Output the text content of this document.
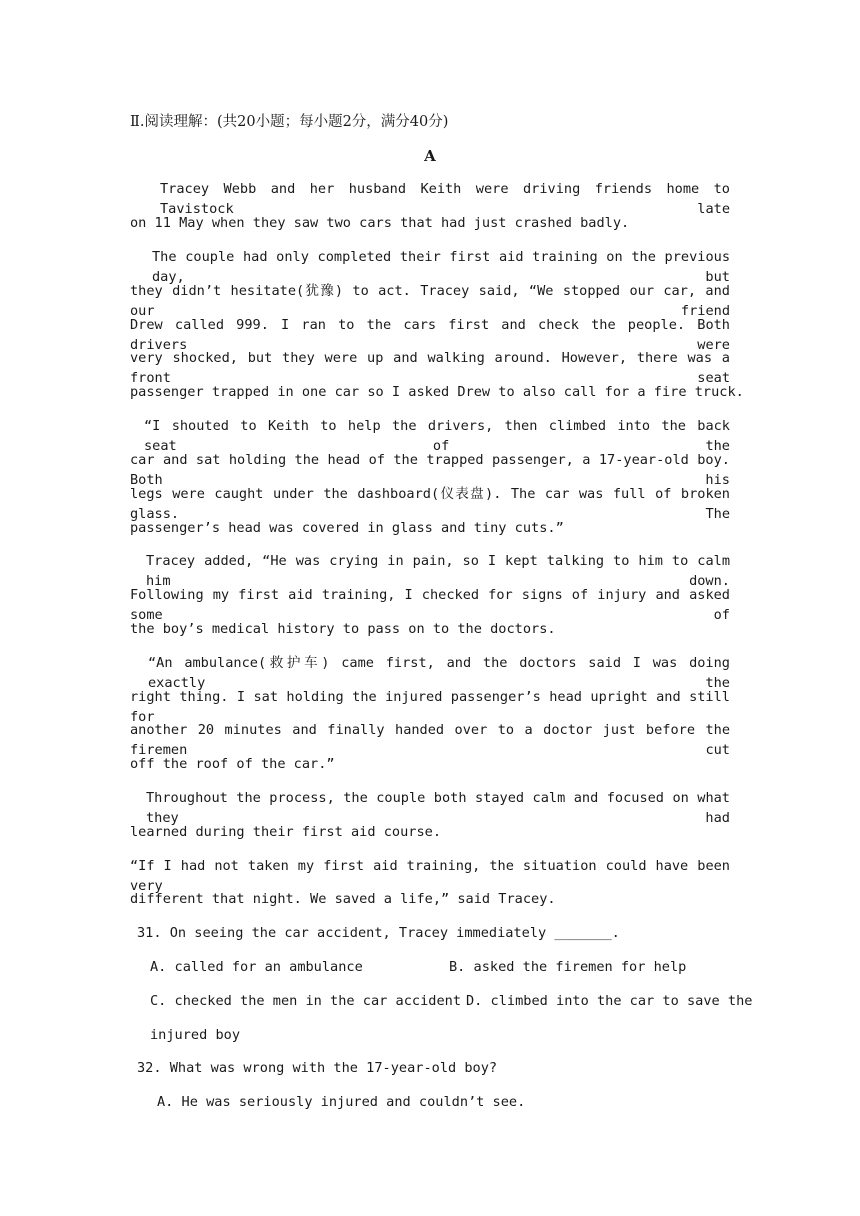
Ⅱ.阅读理解：(共20小题；每小题2分，满分40分)
A
Tracey Webb and her husband Keith were driving friends home to Tavistock late
on 11 May when they saw two cars that had just crashed badly.
The couple had only completed their first aid training on the previous day, but
they didn’t hesitate(犹豫) to act. Tracey said, “We stopped our car, and our friend
Drew called 999. I ran to the cars first and check the people. Both drivers were
very shocked, but they were up and walking around. However, there was a front seat
passenger trapped in one car so I asked Drew to also call for a fire truck.
“I shouted to Keith to help the drivers, then climbed into the back seat of the
car and sat holding the head of the trapped passenger, a 17-year-old boy. Both his
legs were caught under the dashboard(仪表盘). The car was full of broken glass. The
passenger’s head was covered in glass and tiny cuts.”
Tracey added, “He was crying in pain, so I kept talking to him to calm him down.
Following my first aid training, I checked for signs of injury and asked some of
the boy’s medical history to pass on to the doctors.
“An ambulance(救护车) came first, and the doctors said I was doing exactly the
right thing. I sat holding the injured passenger’s head upright and still for
another 20 minutes and finally handed over to a doctor just before the firemen cut
off the roof of the car.”
Throughout the process, the couple both stayed calm and focused on what they had
learned during their first aid course.
“If I had not taken my first aid training, the situation could have been very
different that night. We saved a life,” said Tracey.
31. On seeing the car accident, Tracey immediately _______.
A. called for an ambulance	B. asked the firemen for help
C. checked the men in the car accident D. climbed into the car to save the
injured boy
32. What was wrong with the 17-year-old boy?
A. He was seriously injured and couldn’t see.
